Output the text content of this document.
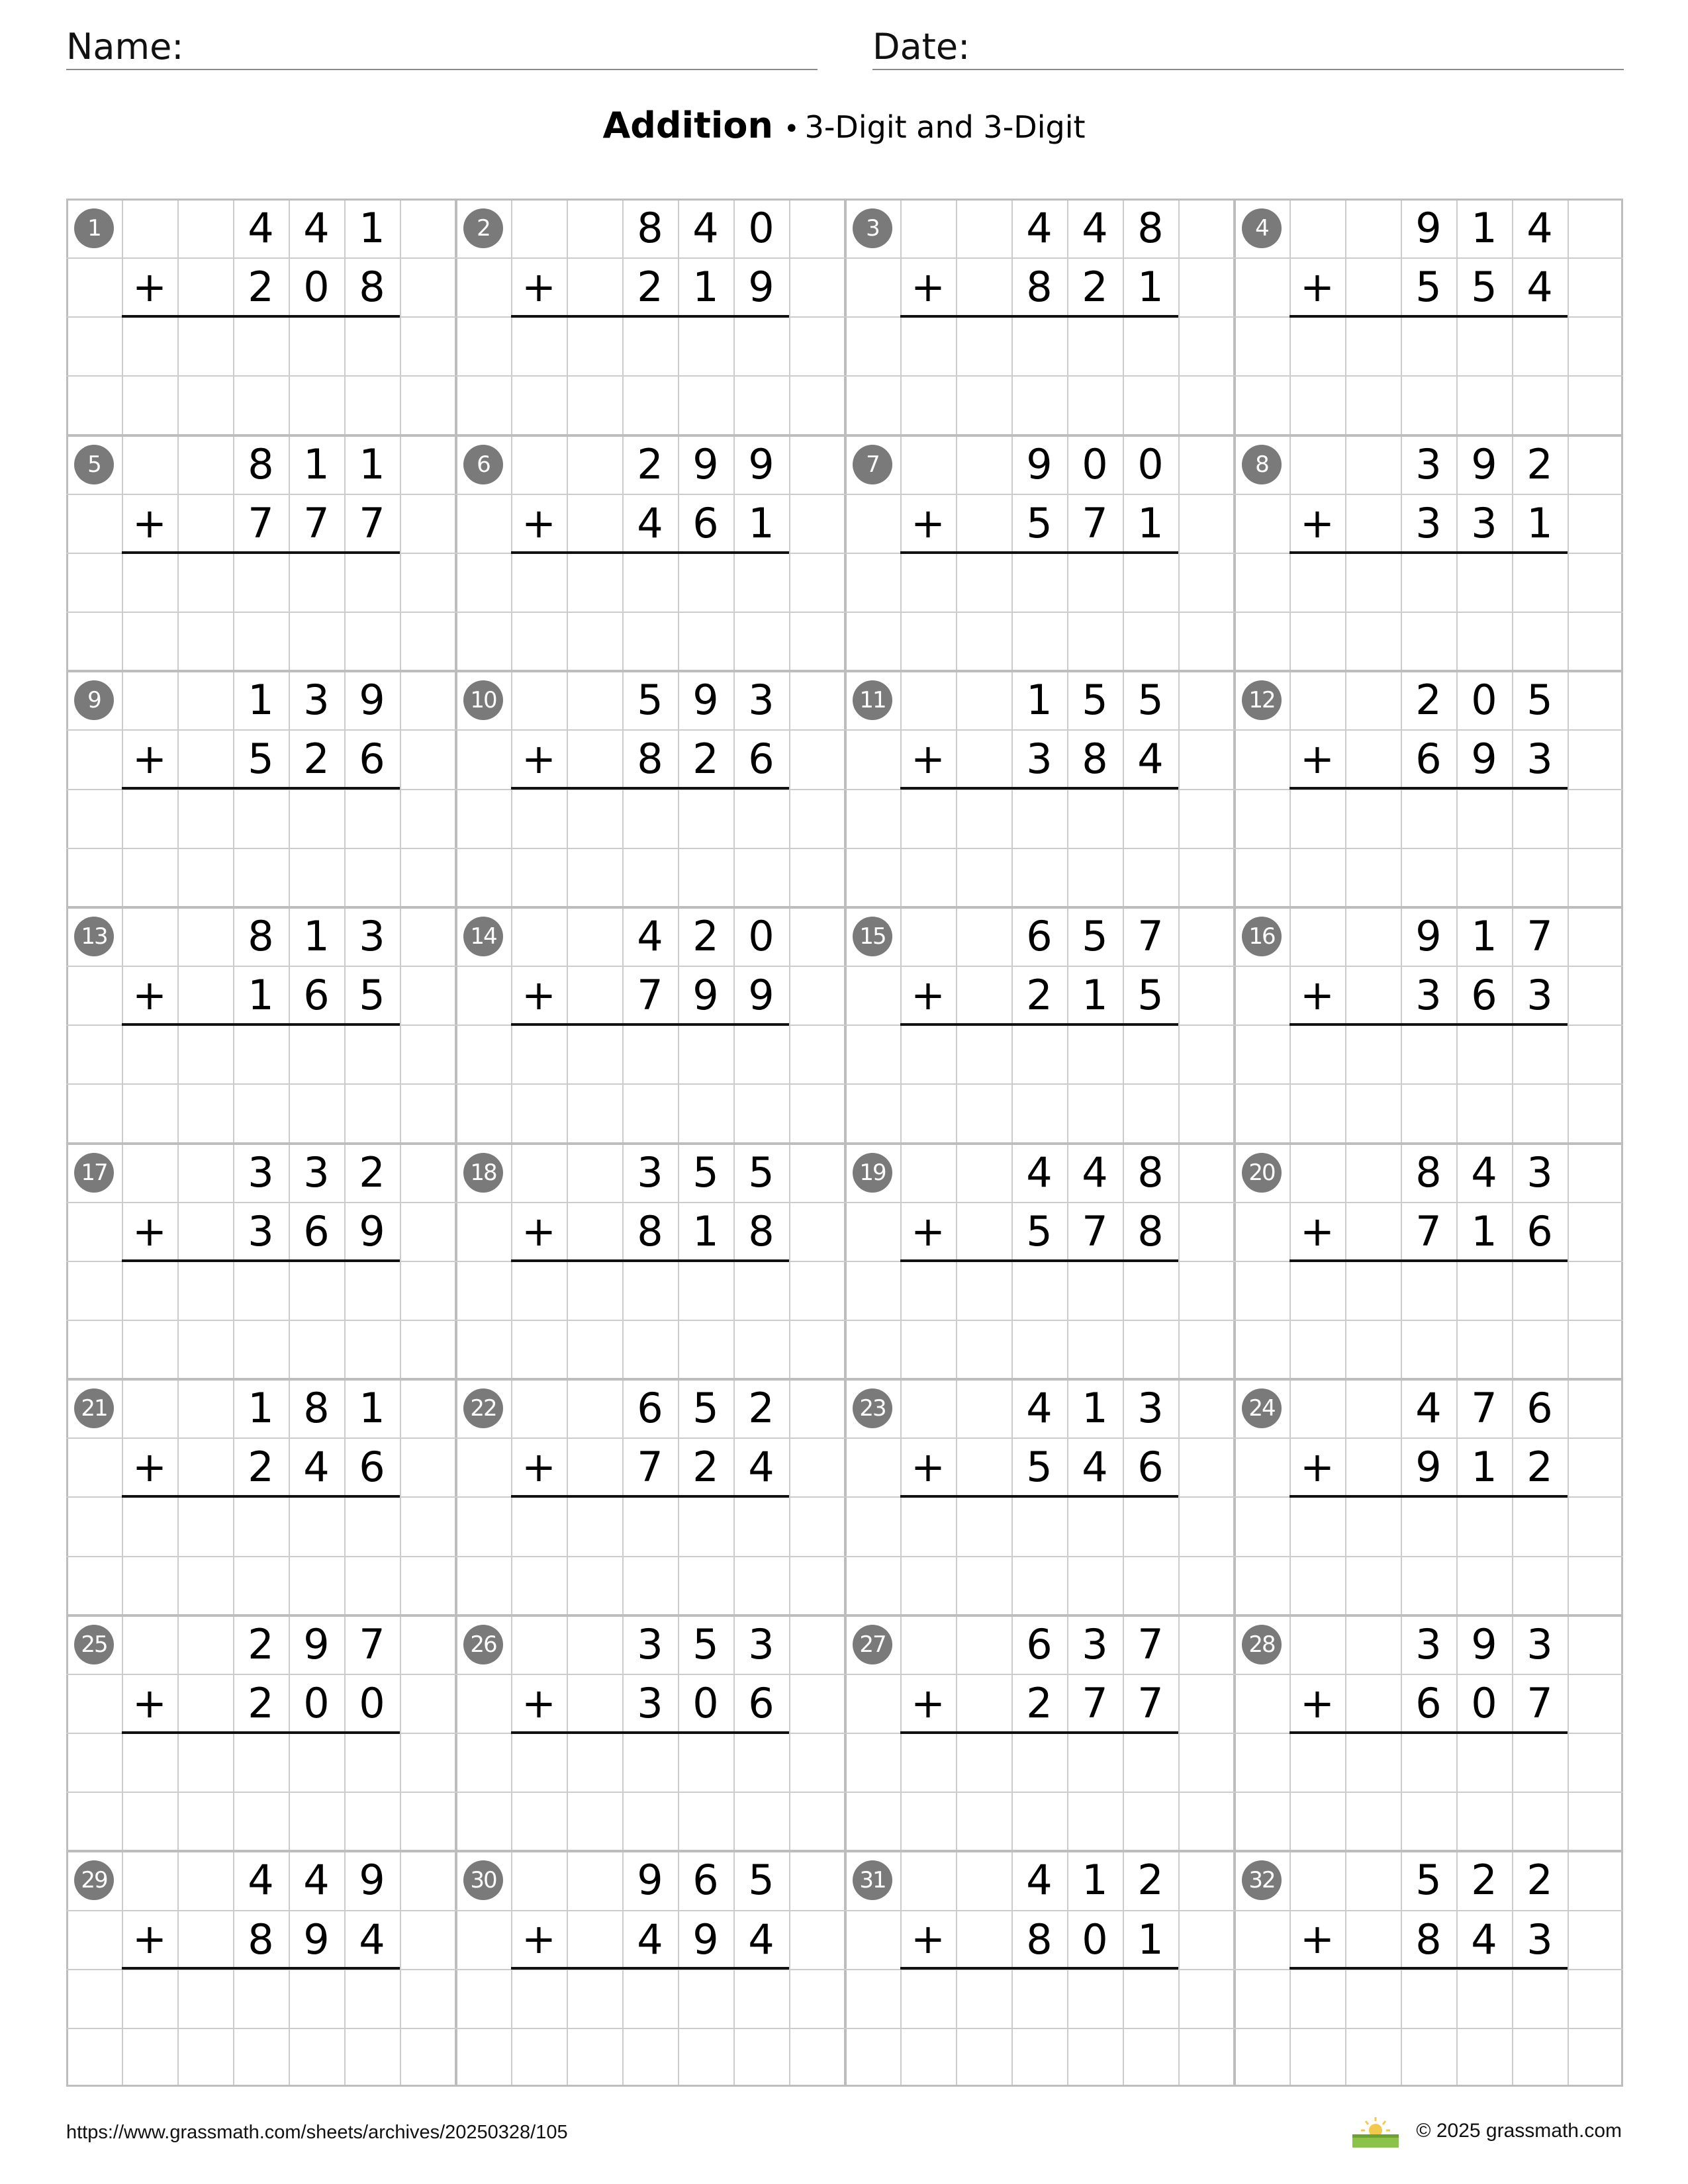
Name:	Date:
Addition • 3-Digit and 3-Digit
1	4 4 1
2 0 8
+
2	8 4 0
2 1 9
+
3	4 4 8
8 2 1
+
4	9 1 4
5 5 4
+
5	8 1 1
7 7 7
+
6	2 9 9
4 6 1
+
7	9 0 0
5 7 1
+
8	3 9 2
3 3 1
+
9	1 3 9
5 2 6
+
10	5 9 3
8 2 6
+
11	1 5 5
3 8 4
+
12	2 0 5
6 9 3
+
13	8 1 3
1 6 5
+
14	4 2 0
7 9 9
+
15	6 5 7
2 1 5
+
16	9 1 7
3 6 3
+
17	3 3 2
3 6 9
+
18	3 5 5
8 1 8
+
19	4 4 8
5 7 8
+
20	8 4 3
7 1 6
+
21	1 8 1
2 4 6
+
22	6 5 2
7 2 4
+
23	4 1 3
5 4 6
+
24	4 7 6
9 1 2
+
25	2 9 7
2 0 0
+
26	3 5 3
3 0 6
+
27	6 3 7
2 7 7
+
28	3 9 3
6 0 7
+
29	4 4 9
8 9 4
+
30	9 6 5
4 9 4
+
31	4 1 2
8 0 1
+
32	5 2 2
8 4 3
+
https://www.grassmath.com/sheets/archives/20250328/105	© 2025 grassmath.com
